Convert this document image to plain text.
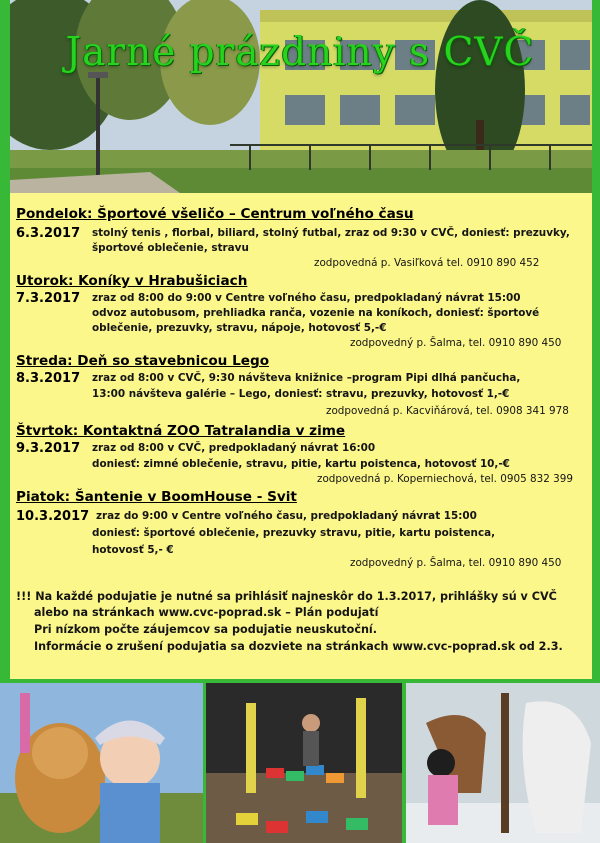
Jarné prázdniny s CVČ
Pondelok: Športové všeličo – Centrum voľného času
6.3.2017 stolný tenis , florbal, biliard, stolný futbal, zraz od 9:30 v CVČ, doniesť: prezuvky,
športové oblečenie, stravu
zodpovedná p. Vasiľková tel. 0910 890 452
Utorok: Koníky v Hrabušiciach
7.3.2017 zraz od 8:00 do 9:00 v Centre voľného času, predpokladaný návrat 15:00
odvoz autobusom, prehliadka ranča, vozenie na koníkoch, doniesť: športové
oblečenie, prezuvky, stravu, nápoje, hotovosť 5,-€
zodpovedný p. Šalma, tel. 0910 890 450
Streda: Deň so stavebnicou Lego
8.3.2017 zraz od 8:00 v CVČ, 9:30 návšteva knižnice –program Pipi dlhá pančucha,
13:00 návšteva galérie – Lego, doniesť: stravu, prezuvky, hotovosť 1,-€
zodpovedná p. Kacviňárová, tel. 0908 341 978
Štvrtok: Kontaktná ZOO Tatralandia v zime
9.3.2017 zraz od 8:00 v CVČ, predpokladaný návrat 16:00
doniesť: zimné oblečenie, stravu, pitie, kartu poistenca, hotovosť 10,-€
zodpovedná p. Koperniechová, tel. 0905 832 399
Piatok: Šantenie v BoomHouse - Svit
10.3.2017 zraz do 9:00 v Centre voľného času, predpokladaný návrat 15:00
doniesť: športové oblečenie, prezuvky stravu, pitie, kartu poistenca,
hotovosť 5,- €
zodpovedný p. Šalma, tel. 0910 890 450
!!! Na každé podujatie je nutné sa prihlásiť najneskôr do 1.3.2017, prihlášky sú v CVČ
alebo na stránkach www.cvc-poprad.sk – Plán podujatí
Pri nízkom počte záujemcov sa podujatie neuskutoční.
Informácie o zrušení podujatia sa dozviete na stránkach www.cvc-poprad.sk od 2.3.
